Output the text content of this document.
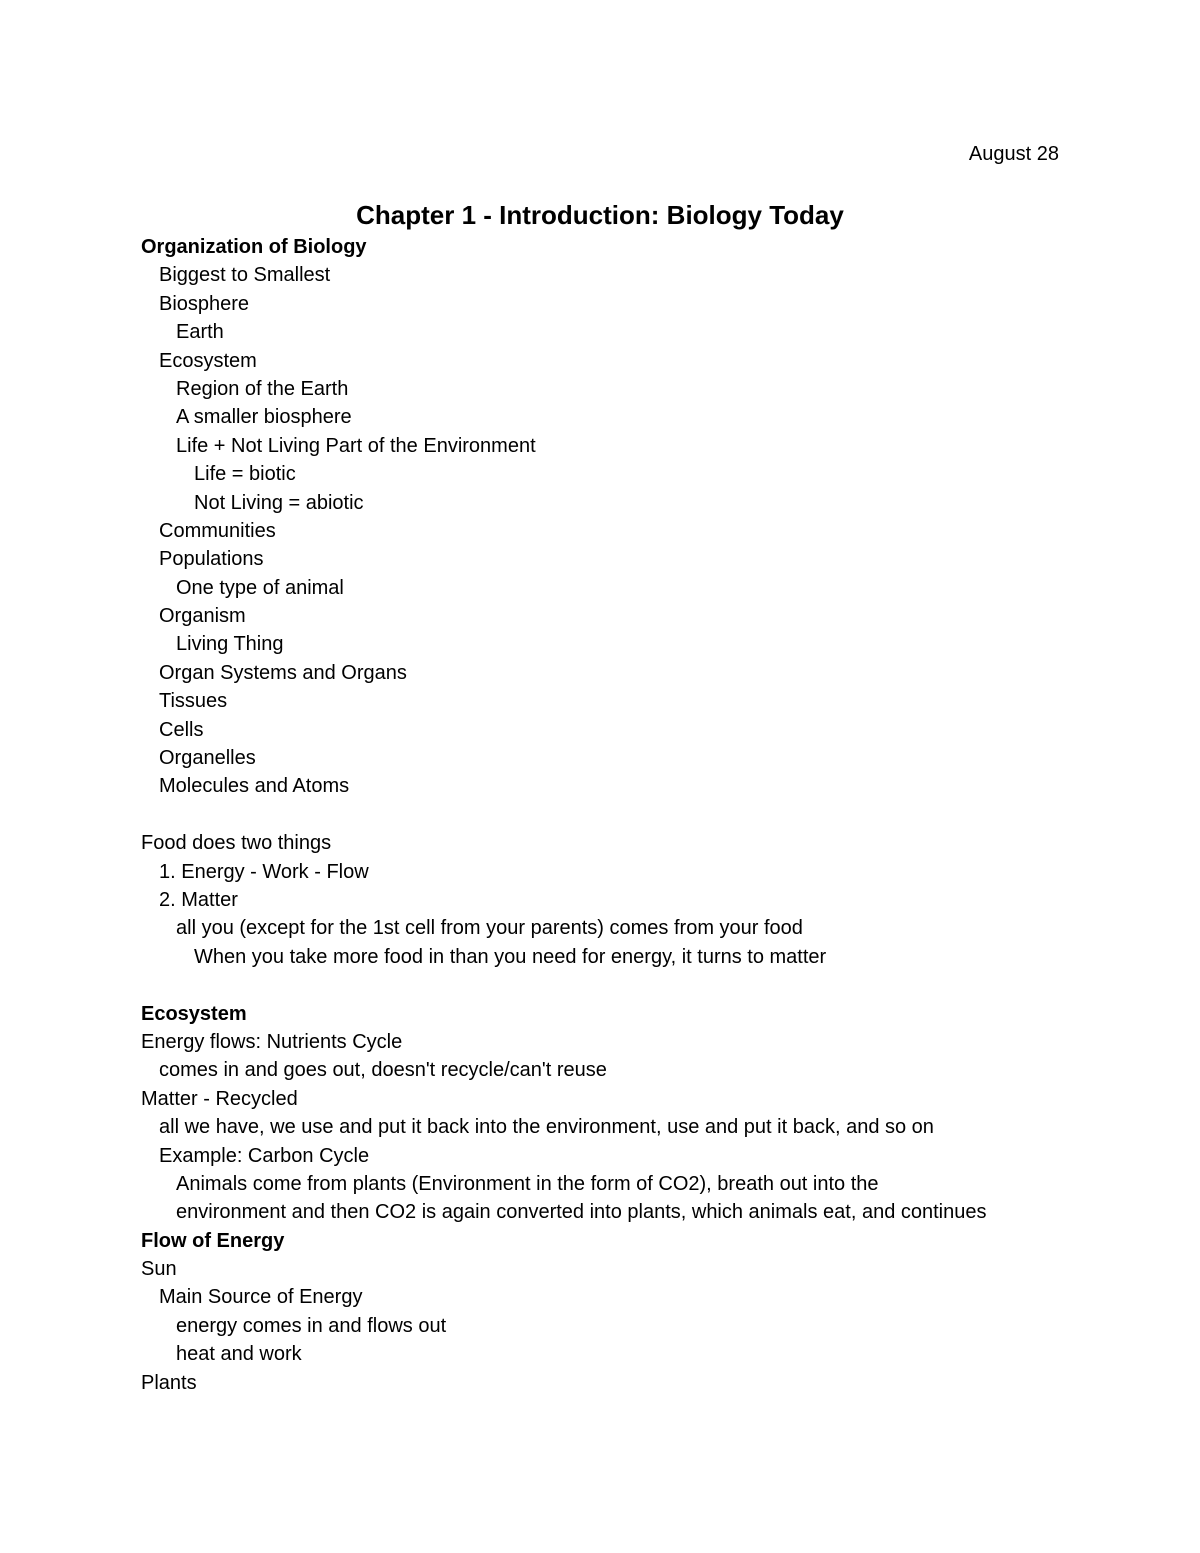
August 28
Chapter 1 - Introduction: Biology Today
Organization of Biology
Biggest to Smallest
Biosphere
Earth
Ecosystem
Region of the Earth
A smaller biosphere
Life + Not Living Part of the Environment
Life = biotic
Not Living = abiotic
Communities
Populations
One type of animal
Organism
Living Thing
Organ Systems and Organs
Tissues
Cells
Organelles
Molecules and Atoms
Food does two things
1. Energy - Work - Flow
2. Matter
all you (except for the 1st cell from your parents) comes from your food
When you take more food in than you need for energy, it turns to matter
Ecosystem
Energy flows: Nutrients Cycle
comes in and goes out, doesn't recycle/can't reuse
Matter - Recycled
all we have, we use and put it back into the environment, use and put it back, and so on
Example: Carbon Cycle
Animals come from plants (Environment in the form of CO2), breath out into the
environment and then CO2 is again converted into plants, which animals eat, and continues
Flow of Energy
Sun
Main Source of Energy
energy comes in and flows out
heat and work
Plants
